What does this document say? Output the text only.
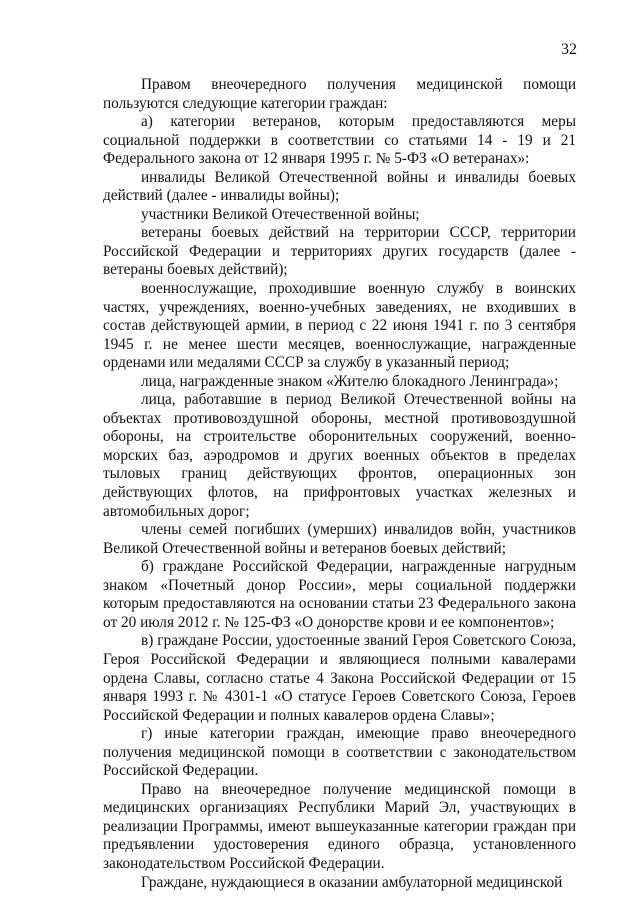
32

Правом внеочередного получения медицинской помощи пользуются следующие категории граждан:

а) категории ветеранов, которым предоставляются меры социальной поддержки в соответствии со статьями 14 - 19 и 21 Федерального закона от 12 января 1995 г. № 5-ФЗ «О ветеранах»:

инвалиды Великой Отечественной войны и инвалиды боевых действий (далее - инвалиды войны);

участники Великой Отечественной войны;

ветераны боевых действий на территории СССР, территории Российской Федерации и территориях других государств (далее - ветераны боевых действий);

военнослужащие, проходившие военную службу в воинских частях, учреждениях, военно-учебных заведениях, не входивших в состав действующей армии, в период с 22 июня 1941 г. по 3 сентября 1945 г. не менее шести месяцев, военнослужащие, награжденные орденами или медалями СССР за службу в указанный период;

лица, награжденные знаком «Жителю блокадного Ленинграда»;

лица, работавшие в период Великой Отечественной войны на объектах противовоздушной обороны, местной противовоздушной обороны, на строительстве оборонительных сооружений, военно-морских баз, аэродромов и других военных объектов в пределах тыловых границ действующих фронтов, операционных зон действующих флотов, на прифронтовых участках железных и автомобильных дорог;

члены семей погибших (умерших) инвалидов войн, участников Великой Отечественной войны и ветеранов боевых действий;

б) граждане Российской Федерации, награжденные нагрудным знаком «Почетный донор России», меры социальной поддержки которым предоставляются на основании статьи 23 Федерального закона от 20 июля 2012 г. № 125-ФЗ «О донорстве крови и ее компонентов»;

в) граждане России, удостоенные званий Героя Советского Союза, Героя Российской Федерации и являющиеся полными кавалерами ордена Славы, согласно статье 4 Закона Российской Федерации от 15 января 1993 г. № 4301-1 «О статусе Героев Советского Союза, Героев Российской Федерации и полных кавалеров ордена Славы»;

г) иные категории граждан, имеющие право внеочередного получения медицинской помощи в соответствии с законодательством Российской Федерации.

Право на внеочередное получение медицинской помощи в медицинских организациях Республики Марий Эл, участвующих в реализации Программы, имеют вышеуказанные категории граждан при предъявлении удостоверения единого образца, установленного законодательством Российской Федерации.

Граждане, нуждающиеся в оказании амбулаторной медицинской
